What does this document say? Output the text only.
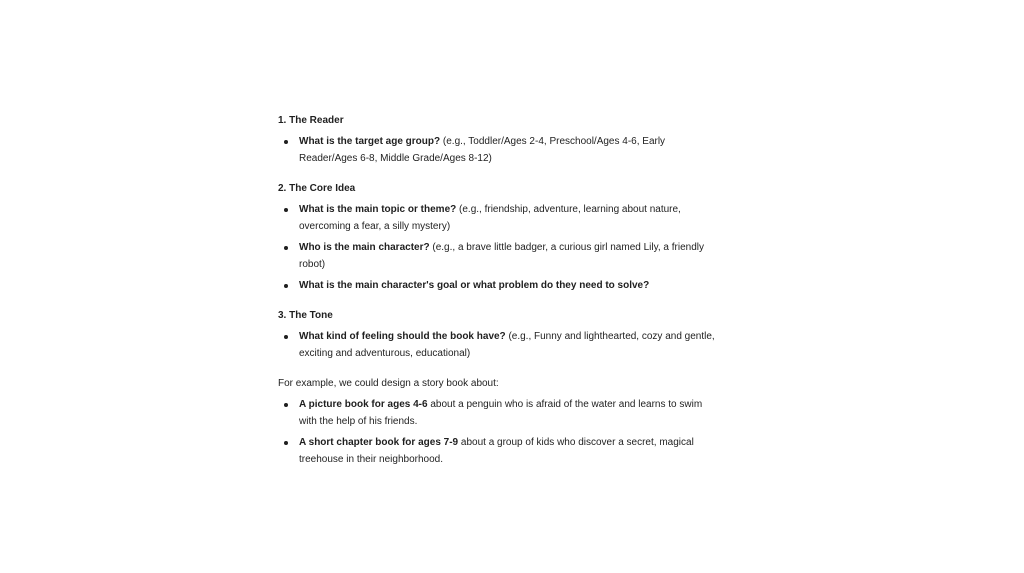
1. The Reader
What is the target age group? (e.g., Toddler/Ages 2-4, Preschool/Ages 4-6, Early Reader/Ages 6-8, Middle Grade/Ages 8-12)
2. The Core Idea
What is the main topic or theme? (e.g., friendship, adventure, learning about nature, overcoming a fear, a silly mystery)
Who is the main character? (e.g., a brave little badger, a curious girl named Lily, a friendly robot)
What is the main character's goal or what problem do they need to solve?
3. The Tone
What kind of feeling should the book have? (e.g., Funny and lighthearted, cozy and gentle, exciting and adventurous, educational)
For example, we could design a story book about:
A picture book for ages 4-6 about a penguin who is afraid of the water and learns to swim with the help of his friends.
A short chapter book for ages 7-9 about a group of kids who discover a secret, magical treehouse in their neighborhood.
